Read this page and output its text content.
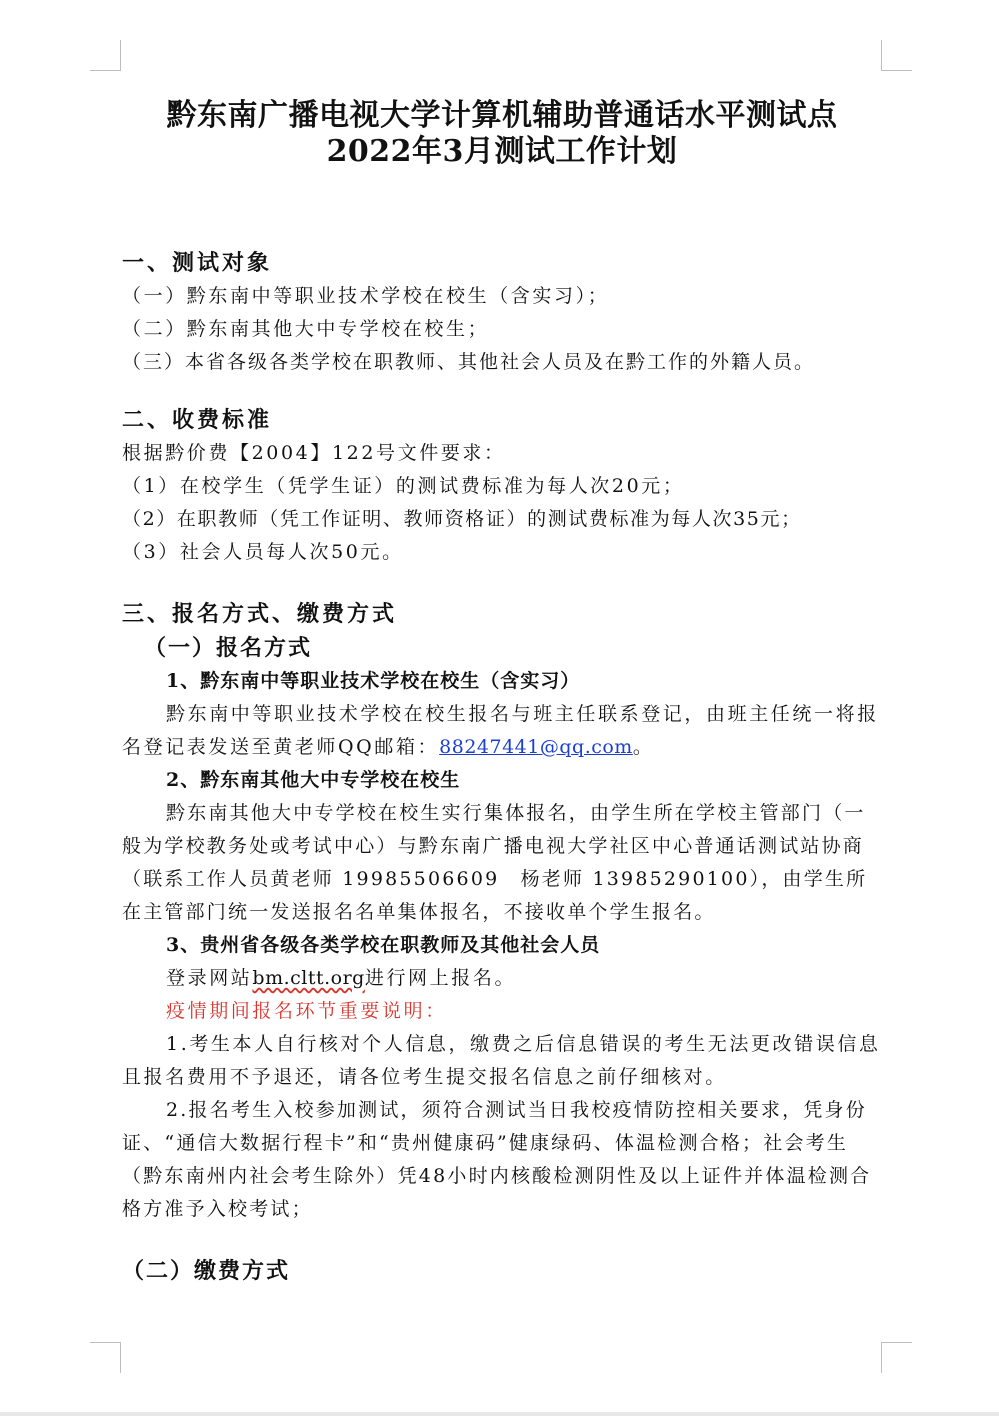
黔东南广播电视大学计算机辅助普通话水平测试点
2022年3月测试工作计划
一、测试对象
（一）黔东南中等职业技术学校在校生（含实习）；
（二）黔东南其他大中专学校在校生；
（三）本省各级各类学校在职教师、其他社会人员及在黔工作的外籍人员。
二、收费标准
根据黔价费【2004】122号文件要求：
（1）在校学生（凭学生证）的测试费标准为每人次20元；
（2）在职教师（凭工作证明、教师资格证）的测试费标准为每人次35元；
（3）社会人员每人次50元。
三、报名方式、缴费方式
（一）报名方式
1、黔东南中等职业技术学校在校生（含实习）
黔东南中等职业技术学校在校生报名与班主任联系登记，由班主任统一将报名登记表发送至黄老师QQ邮箱：88247441@qq.com。
2、黔东南其他大中专学校在校生
黔东南其他大中专学校在校生实行集体报名，由学生所在学校主管部门（一般为学校教务处或考试中心）与黔东南广播电视大学社区中心普通话测试站协商（联系工作人员黄老师 19985506609　杨老师 13985290100），由学生所在主管部门统一发送报名名单集体报名，不接收单个学生报名。
3、贵州省各级各类学校在职教师及其他社会人员
登录网站bm.cltt.org进行网上报名。
疫情期间报名环节重要说明：
1.考生本人自行核对个人信息，缴费之后信息错误的考生无法更改错误信息且报名费用不予退还，请各位考生提交报名信息之前仔细核对。
2.报名考生入校参加测试，须符合测试当日我校疫情防控相关要求，凭身份证、“通信大数据行程卡”和“贵州健康码”健康绿码、体温检测合格；社会考生（黔东南州内社会考生除外）凭48小时内核酸检测阴性及以上证件并体温检测合格方准予入校考试；
（二）缴费方式
